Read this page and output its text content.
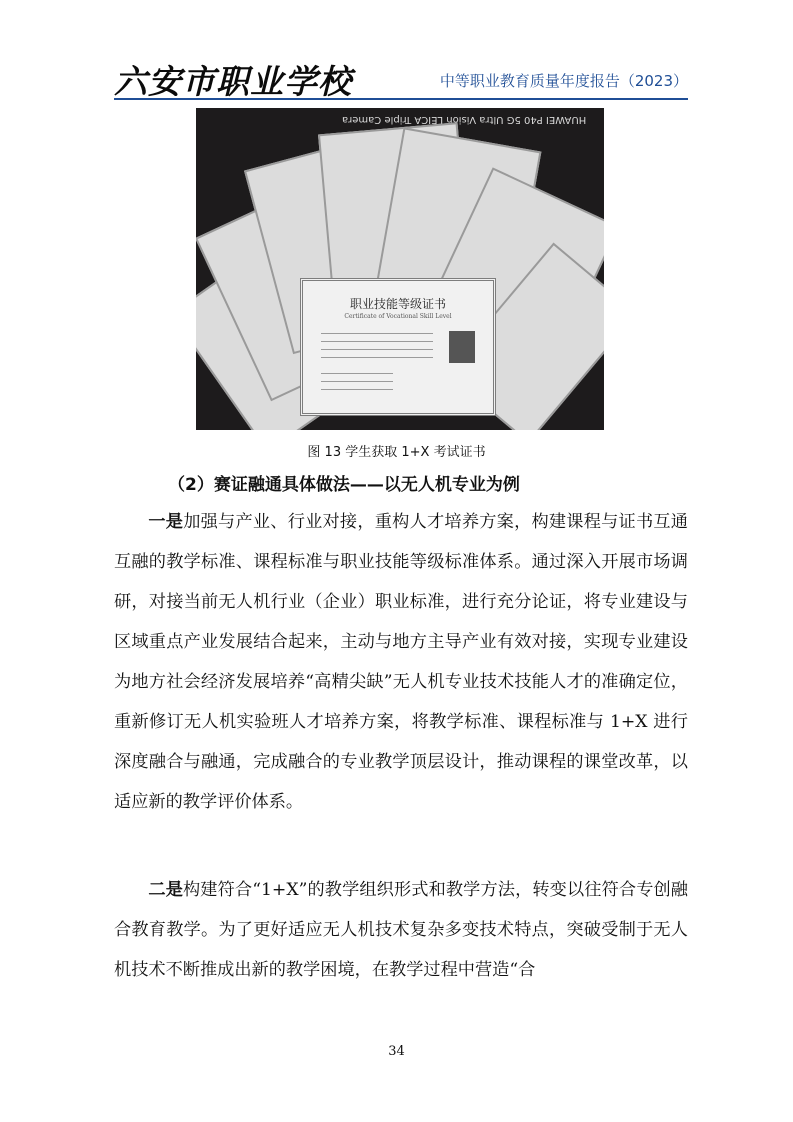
六安市职业学校	中等职业教育质量年度报告（2023）
HUAWEI P40 5G Ultra Vision LEICA Triple Camera
职业技能等级证书
Certificate of Vocational Skill Level
图 13 学生获取 1+X 考试证书
（2）赛证融通具体做法——以无人机专业为例

一是加强与产业、行业对接，重构人才培养方案，构建课程与证书互通互融的教学标准、课程标准与职业技能等级标准体系。通过深入开展市场调研，对接当前无人机行业（企业）职业标准，进行充分论证，将专业建设与区域重点产业发展结合起来，主动与地方主导产业有效对接，实现专业建设为地方社会经济发展培养“高精尖缺”无人机专业技术技能人才的准确定位，重新修订无人机实验班人才培养方案，将教学标准、课程标准与 1+X 进行深度融合与融通，完成融合的专业教学顶层设计，推动课程的课堂改革，以适应新的教学评价体系。

二是构建符合“1+X”的教学组织形式和教学方法，转变以往符合专创融合教育教学。为了更好适应无人机技术复杂多变技术特点，突破受制于无人机技术不断推成出新的教学困境，在教学过程中营造“合

34
